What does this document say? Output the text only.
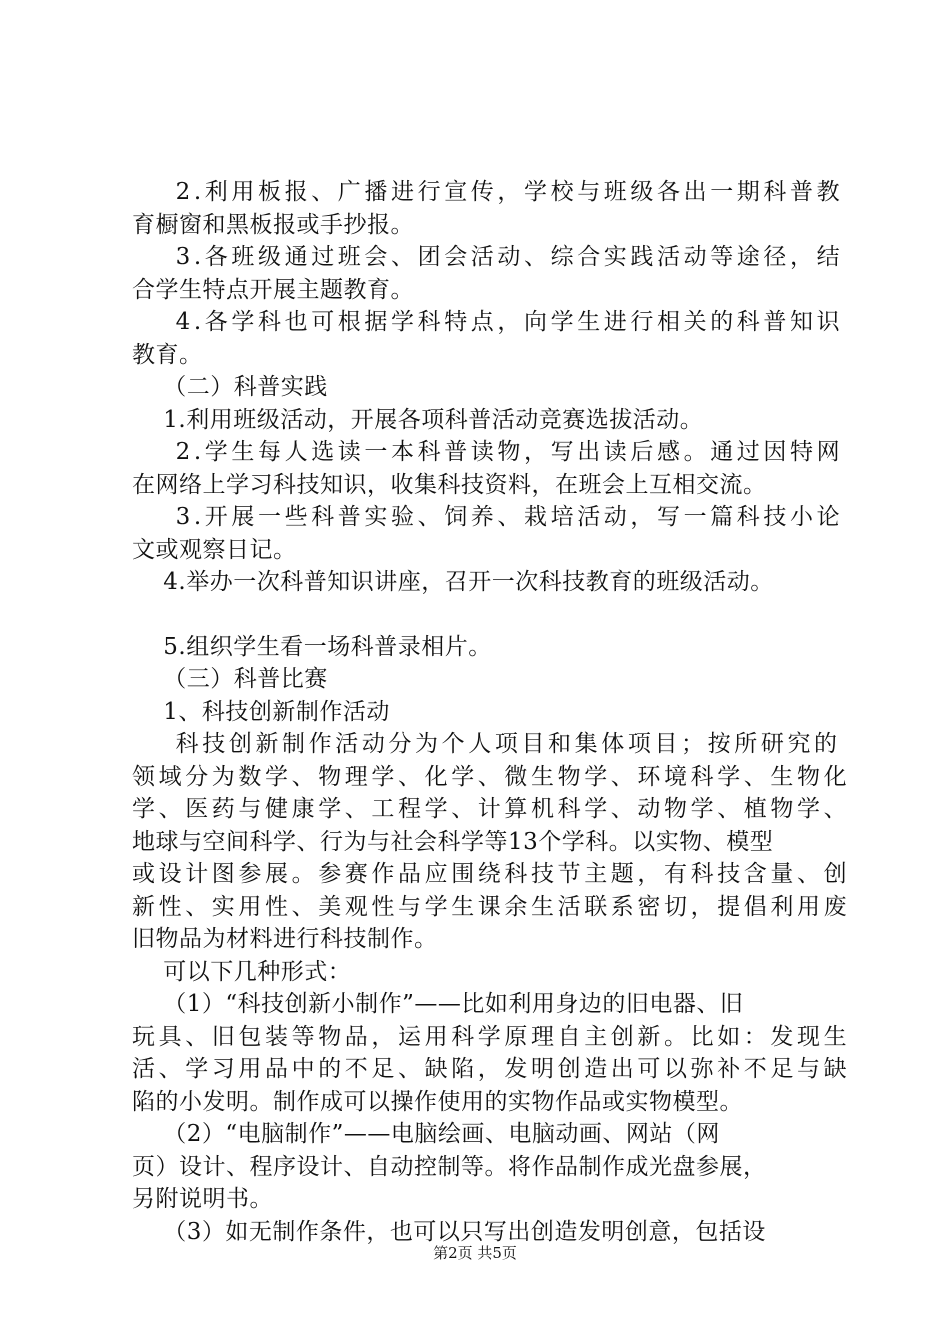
2.利用板报、广播进行宣传，学校与班级各出一期科普教
育橱窗和黑板报或手抄报。
3.各班级通过班会、团会活动、综合实践活动等途径，结
合学生特点开展主题教育。
4.各学科也可根据学科特点，向学生进行相关的科普知识
教育。
（二）科普实践
1.利用班级活动，开展各项科普活动竞赛选拔活动。
2.学生每人选读一本科普读物，写出读后感。通过因特网
在网络上学习科技知识，收集科技资料，在班会上互相交流。
3.开展一些科普实验、饲养、栽培活动，写一篇科技小论
文或观察日记。
4.举办一次科普知识讲座，召开一次科技教育的班级活动。
5.组织学生看一场科普录相片。
（三）科普比赛
1、科技创新制作活动
科技创新制作活动分为个人项目和集体项目；按所研究的
领域分为数学、物理学、化学、微生物学、环境科学、生物化
学、医药与健康学、工程学、计算机科学、动物学、植物学、
地球与空间科学、行为与社会科学等13个学科。以实物、模型
或设计图参展。参赛作品应围绕科技节主题，有科技含量、创
新性、实用性、美观性与学生课余生活联系密切，提倡利用废
旧物品为材料进行科技制作。
可以下几种形式：
（1）“科技创新小制作”——比如利用身边的旧电器、旧
玩具、旧包装等物品，运用科学原理自主创新。比如：发现生
活、学习用品中的不足、缺陷，发明创造出可以弥补不足与缺
陷的小发明。制作成可以操作使用的实物作品或实物模型。
（2）“电脑制作”——电脑绘画、电脑动画、网站（网
页）设计、程序设计、自动控制等。将作品制作成光盘参展，
另附说明书。
（3）如无制作条件，也可以只写出创造发明创意，包括设
第2页 共5页
